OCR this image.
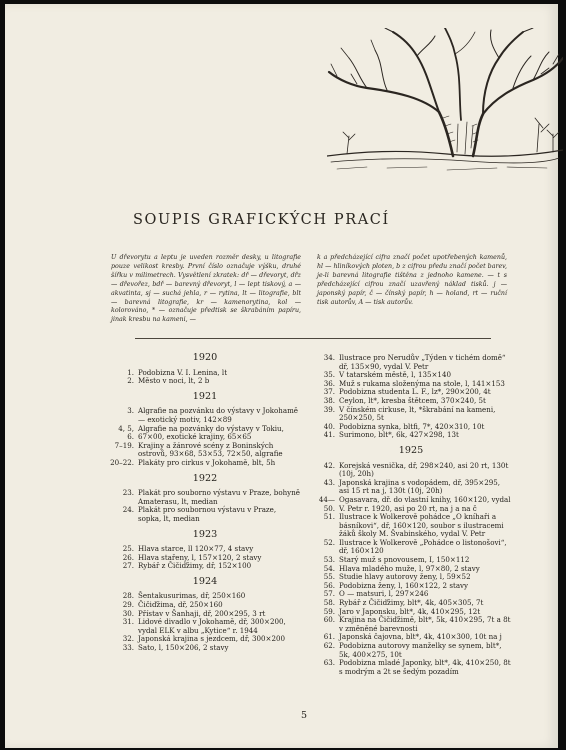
SOUPIS GRAFICKÝCH PRACÍ
U dřevorytu a leptu je uveden rozměr desky, u litografie pouze velikost kresby. První číslo označuje výšku, druhé šířku v milimetrech. Vysvětlení zkratek: dř — dřevoryt, dřz — dřevořez, bdř — barevný dřevoryt, l — lept tiskový, a — akvatinta, sj — suchá jehla, r — rytina, lt — litografie, blt — barevná litografie, kr — kamenorytina, kol — kolorováno, * — označuje předtisk se škrabáním papíru, jinak kresbu na kameni, —
k a předcházející cifra značí počet upotřebených kamenů, hl — hliníkových ploten, b z cifrou předu značí počet barev, je-li barevná litografie tištěna z jednoho kamene. — t s předcházející cifrou značí uzavřený náklad tisků. j — japonský papír, č — čínský papír, h — holand, rt — ruční tisk autorův, A — tisk autorův.
1920
1. Podobizna V. I. Lenina, lt
2. Město v noci, lt, 2 b
1921
3. Algrafie na pozvánku do výstavy v Jokohamě — exotický motiv, 142×89
4, 5, 6.
Algrafie na pozvánky do výstavy v Tokiu, 67×00, exotické krajiny, 65×65
7–19. Krajiny a žánrové scény z Boninských ostrovů, 93×68, 53×53, 72×50, algrafie
20–22. Plakáty pro cirkus v Jokohamě, blt, 5h
1922
23. Plakát pro souborno výstavu v Praze, bohyně Amaterasu, lt, median
24. Plakát pro soubornou výstavu v Praze, sopka, lt, median
1923
25. Hlava starce, ll 120×77, 4 stavy
26. Hlava stařeny, l, 157×120, 2 stavy
27. Rybář z Čičiďžimy, dř, 152×100
1924
28. Šentakusurimas, dř, 250×160
29. Čičiďžima, dř, 250×160
30. Přístav v Šanhaji, dř, 200×295, 3 rt
31. Lidové divadlo v Jokohamě, dř, 300×200, vydal ELK v albu „Kytice“ r. 1944
32. Japonská krajina s jezdcem, dř, 300×200
33. Sato, l, 150×206, 2 stavy
34. Ilustrace pro Nerudův „Týden v tichém domě“ dř, 135×90, vydal V. Petr
35. V tatarském městě, l, 135×140
36. Muž s rukama složenýma na stole, l, 141×153
37. Podobizna studenta L. F., lz*, 290×200, 4t
38. Ceylon, lt*, kresba štětcem, 370×240, 5t
39. V čínském cirkuse, lt, *škrabání na kameni, 250×250, 5t
40. Podobizna synka, bltfi, 7*, 420×310, 10t
41. Surimono, blt*, 6k, 427×298, 13t
1925
42. Korejská vesnička, dř, 298×240, asi 20 rt, 130t (10j, 20h)
43. Japonská krajina s vodopádem, dř, 395×295, asi 15 rt na j, 130t (10j, 20h)
44—50.
Ogasavara, dř. do vlastní knihy, 160×120, vydal V. Petr r. 1920, asi po 20 rt, na j a na č
51. Ilustrace k Wolkerově pohádce „O kníhaři a básníkovi“, dř, 160×120, soubor s ilustracemi žáků školy M. Švabinského, vydal V. Petr
52. Ilustrace k Wolkerově „Pohádce o listonošovi“, dř, 160×120
53. Starý muž s pnovousem, I, 150×112
54. Hlava mladého muže, l, 97×80, 2 stavy
55. Studie hlavy autorovy ženy, l, 59×52
56. Podobizna ženy, l, 160×122, 2 stavy
57. O — matsuri, l, 297×246
58. Rybář z Čičiďžimy, blt*, 4k, 405×305, 7t
59. Jaro v Japonsku, blt*, 4k, 410×295, 12t
60. Krajina na Čičiďžimě, blt*, 5k, 410×295, 7t a 8t v změněné barevnosti
61. Japonská čajovna, blt*, 4k, 410×300, 10t na j
62. Podobizna autorovy manželky se synem, blt*, 5k, 400×275, 10t
63. Podobizna mladé Japonky, blt*, 4k, 410×250, 8t s modrým a 2t se šedým pozadím
5
